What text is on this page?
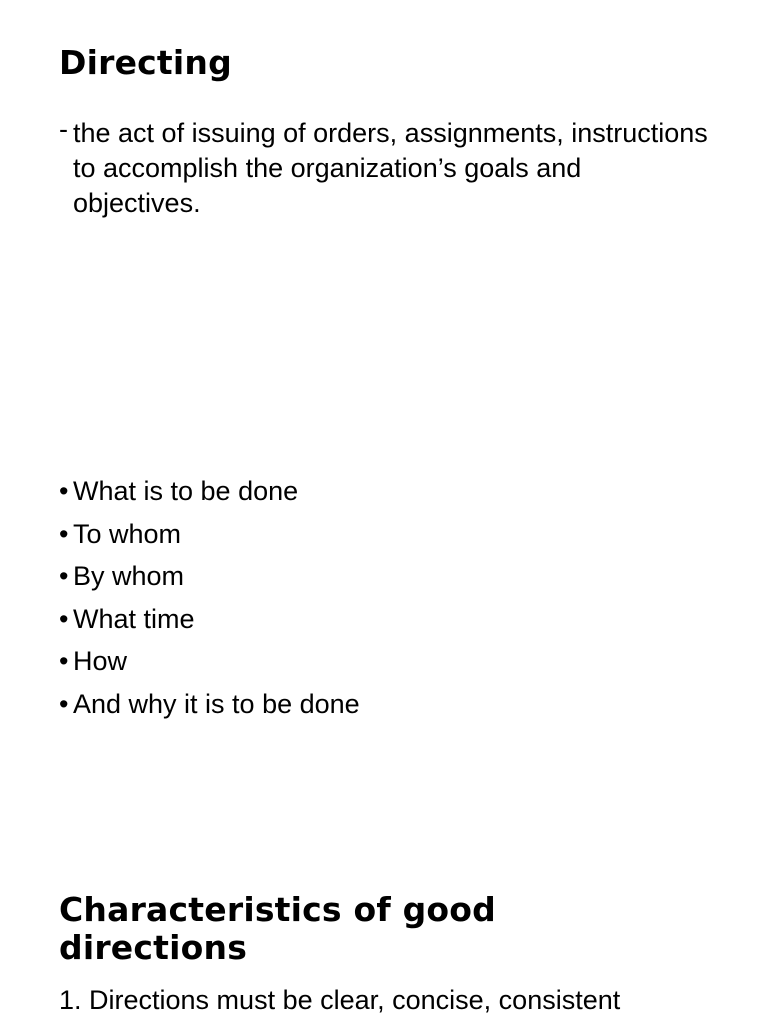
Directing
- the act of issuing of orders, assignments, instructions to accomplish the organization’s goals and objectives.
• What is to be done
• To whom
• By whom
• What time
• How
• And why it is to be done
Characteristics of good directions

1. Directions must be clear, concise, consistent
